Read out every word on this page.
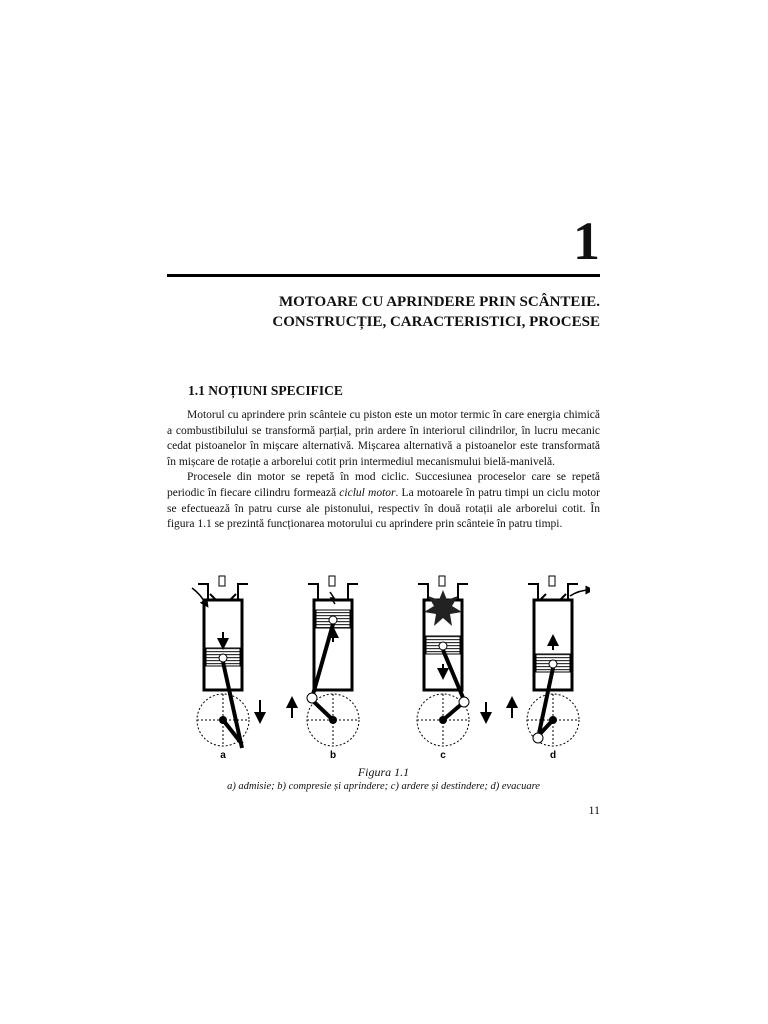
1
MOTOARE CU APRINDERE PRIN SCÂNTEIE.
CONSTRUCȚIE, CARACTERISTICI, PROCESE
1.1 NOȚIUNI SPECIFICE

Motorul cu aprindere prin scânteie cu piston este un motor termic în care energia chimică a combustibilului se transformă parțial, prin ardere în interiorul cilindrilor, în lucru mecanic cedat pistoanelor în mișcare alternativă. Mișcarea alternativă a pistoanelor este transformată în mișcare de rotație a arborelui cotit prin intermediul mecanismului bielă-manivelă.

Procesele din motor se repetă în mod ciclic. Succesiunea proceselor care se repetă periodic în fiecare cilindru formează ciclul motor. La motoarele în patru timpi un ciclu motor se efectuează în patru curse ale pistonului, respectiv în două rotații ale arborelui cotit. În figura 1.1 se prezintă funcționarea motorului cu aprindere prin scânteie în patru timpi.

a	b	c	d
Figura 1.1
a) admisie; b) compresie și aprindere; c) ardere și destindere; d) evacuare
11
